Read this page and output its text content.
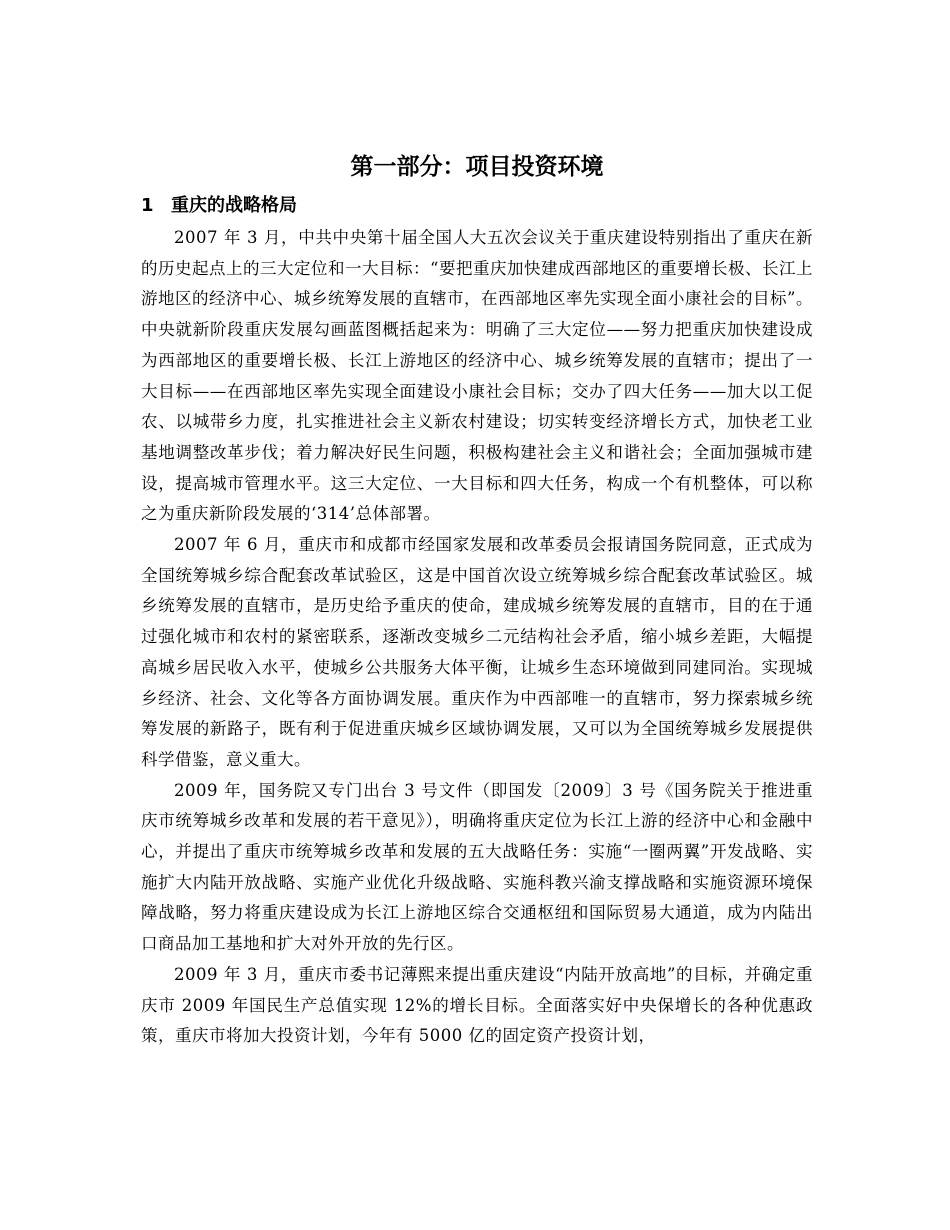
第一部分：项目投资环境
1 重庆的战略格局

2007 年 3 月，中共中央第十届全国人大五次会议关于重庆建设特别指出了重庆在新的历史起点上的三大定位和一大目标：“要把重庆加快建成西部地区的重要增长极、长江上游地区的经济中心、城乡统筹发展的直辖市，在西部地区率先实现全面小康社会的目标”。中央就新阶段重庆发展勾画蓝图概括起来为：明确了三大定位——努力把重庆加快建设成为西部地区的重要增长极、长江上游地区的经济中心、城乡统筹发展的直辖市；提出了一大目标——在西部地区率先实现全面建设小康社会目标；交办了四大任务——加大以工促农、以城带乡力度，扎实推进社会主义新农村建设；切实转变经济增长方式，加快老工业基地调整改革步伐；着力解决好民生问题，积极构建社会主义和谐社会；全面加强城市建设，提高城市管理水平。这三大定位、一大目标和四大任务，构成一个有机整体，可以称之为重庆新阶段发展的‘314’总体部署。

2007 年 6 月，重庆市和成都市经国家发展和改革委员会报请国务院同意，正式成为全国统筹城乡综合配套改革试验区，这是中国首次设立统筹城乡综合配套改革试验区。城乡统筹发展的直辖市，是历史给予重庆的使命，建成城乡统筹发展的直辖市，目的在于通过强化城市和农村的紧密联系，逐渐改变城乡二元结构社会矛盾，缩小城乡差距，大幅提高城乡居民收入水平，使城乡公共服务大体平衡，让城乡生态环境做到同建同治。实现城乡经济、社会、文化等各方面协调发展。重庆作为中西部唯一的直辖市，努力探索城乡统筹发展的新路子，既有利于促进重庆城乡区域协调发展，又可以为全国统筹城乡发展提供科学借鉴，意义重大。

2009 年，国务院又专门出台 3 号文件（即国发〔2009〕3 号《国务院关于推进重庆市统筹城乡改革和发展的若干意见》），明确将重庆定位为长江上游的经济中心和金融中心，并提出了重庆市统筹城乡改革和发展的五大战略任务：实施“一圈两翼”开发战略、实施扩大内陆开放战略、实施产业优化升级战略、实施科教兴渝支撑战略和实施资源环境保障战略，努力将重庆建设成为长江上游地区综合交通枢纽和国际贸易大通道，成为内陆出口商品加工基地和扩大对外开放的先行区。

2009 年 3 月，重庆市委书记薄熙来提出重庆建设“内陆开放高地”的目标，并确定重庆市 2009 年国民生产总值实现 12%的增长目标。全面落实好中央保增长的各种优惠政策，重庆市将加大投资计划，今年有 5000 亿的固定资产投资计划，
